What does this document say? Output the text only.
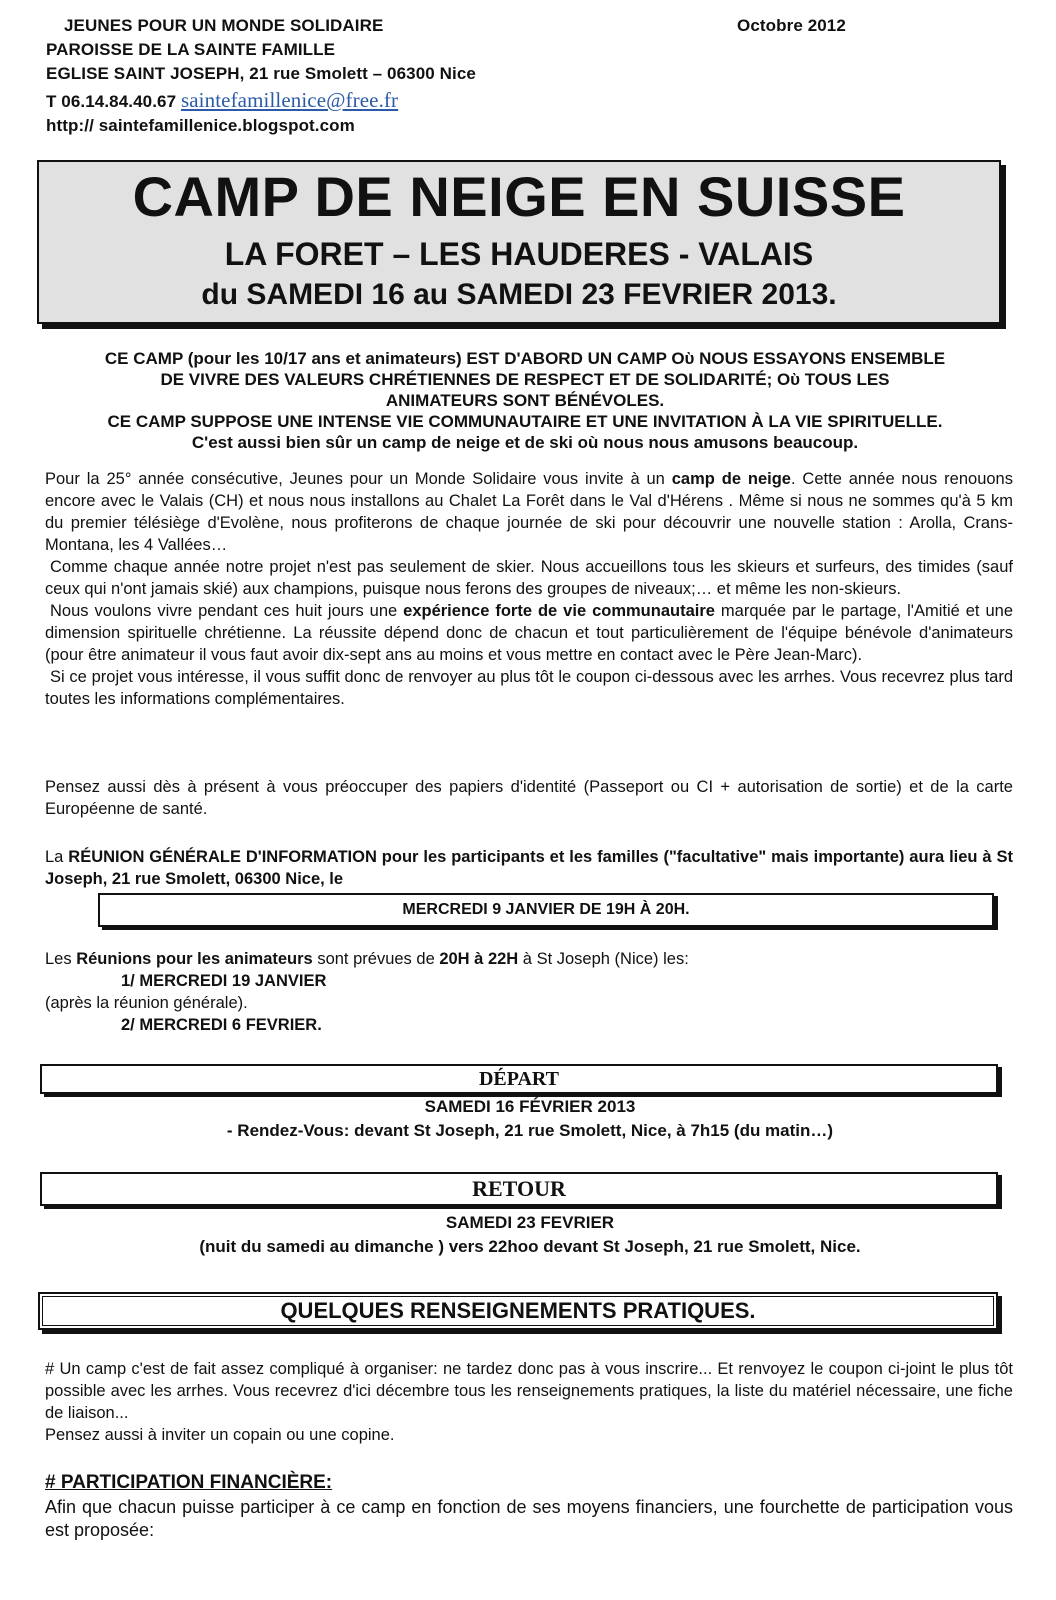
JEUNES POUR UN MONDE SOLIDAIRE	Octobre 2012
PAROISSE DE LA SAINTE FAMILLE
EGLISE SAINT JOSEPH, 21 rue Smolett – 06300 Nice
T 06.14.84.40.67 saintefamillenice@free.fr
http:// saintefamillenice.blogspot.com
CAMP DE NEIGE EN SUISSE
LA FORET – LES HAUDERES - VALAIS
du SAMEDI 16 au SAMEDI 23 FEVRIER 2013.
CE CAMP (pour les 10/17 ans et animateurs) EST D'ABORD UN CAMP Oὺ NOUS ESSAYONS ENSEMBLE
DE VIVRE DES VALEURS CHRÉTIENNES DE RESPECT ET DE SOLIDARITÉ; Oὺ TOUS LES
ANIMATEURS SONT BÉNÉVOLES.
CE CAMP SUPPOSE UNE INTENSE VIE COMMUNAUTAIRE ET UNE INVITATION À LA VIE SPIRITUELLE.
C'est aussi bien sûr un camp de neige et de ski où nous nous amusons beaucoup.

Pour la 25° année consécutive, Jeunes pour un Monde Solidaire vous invite à un camp de neige. Cette année nous renouons encore avec le Valais (CH) et nous nous installons au Chalet La Forêt dans le Val d'Hérens . Même si nous ne sommes qu'à 5 km du premier télésiège d'Evolène, nous profiterons de chaque journée de ski pour découvrir une nouvelle station : Arolla, Crans-Montana, les 4 Vallées…

Comme chaque année notre projet n'est pas seulement de skier. Nous accueillons tous les skieurs et surfeurs, des timides (sauf ceux qui n'ont jamais skié) aux champions, puisque nous ferons des groupes de niveaux;… et même les non-skieurs.

Nous voulons vivre pendant ces huit jours une expérience forte de vie communautaire marquée par le partage, l'Amitié et une dimension spirituelle chrétienne. La réussite dépend donc de chacun et tout particulièrement de l'équipe bénévole d'animateurs (pour être animateur il vous faut avoir dix-sept ans au moins et vous mettre en contact avec le Père Jean-Marc).

Si ce projet vous intéresse, il vous suffit donc de renvoyer au plus tôt le coupon ci-dessous avec les arrhes. Vous recevrez plus tard toutes les informations complémentaires.

Pensez aussi dès à présent à vous préoccuper des papiers d'identité (Passeport ou CI + autorisation de sortie) et de la carte Européenne de santé.
La RÉUNION GÉNÉRALE D'INFORMATION pour les participants et les familles ("facultative" mais importante) aura lieu à St Joseph, 21 rue Smolett, 06300 Nice, le
MERCREDI 9 JANVIER DE 19H À 20H.
Les Réunions pour les animateurs sont prévues de 20H à 22H à St Joseph (Nice) les:
1/ MERCREDI 19 JANVIER
(après la réunion générale).
2/ MERCREDI 6 FEVRIER.
DÉPART
SAMEDI 16 FÉVRIER 2013
- Rendez-Vous: devant St Joseph, 21 rue Smolett, Nice, à 7h15 (du matin…)
RETOUR
SAMEDI 23 FEVRIER
(nuit du samedi au dimanche ) vers 22hoo devant St Joseph, 21 rue Smolett, Nice.
QUELQUES RENSEIGNEMENTS PRATIQUES.

# Un camp c'est de fait assez compliqué à organiser: ne tardez donc pas à vous inscrire... Et renvoyez le coupon ci-joint le plus tôt possible avec les arrhes. Vous recevrez d'ici décembre tous les renseignements pratiques, la liste du matériel nécessaire, une fiche de liaison...

Pensez aussi à inviter un copain ou une copine.

# PARTICIPATION FINANCIÈRE:
Afin que chacun puisse participer à ce camp en fonction de ses moyens financiers, une fourchette de participation vous est proposée:
